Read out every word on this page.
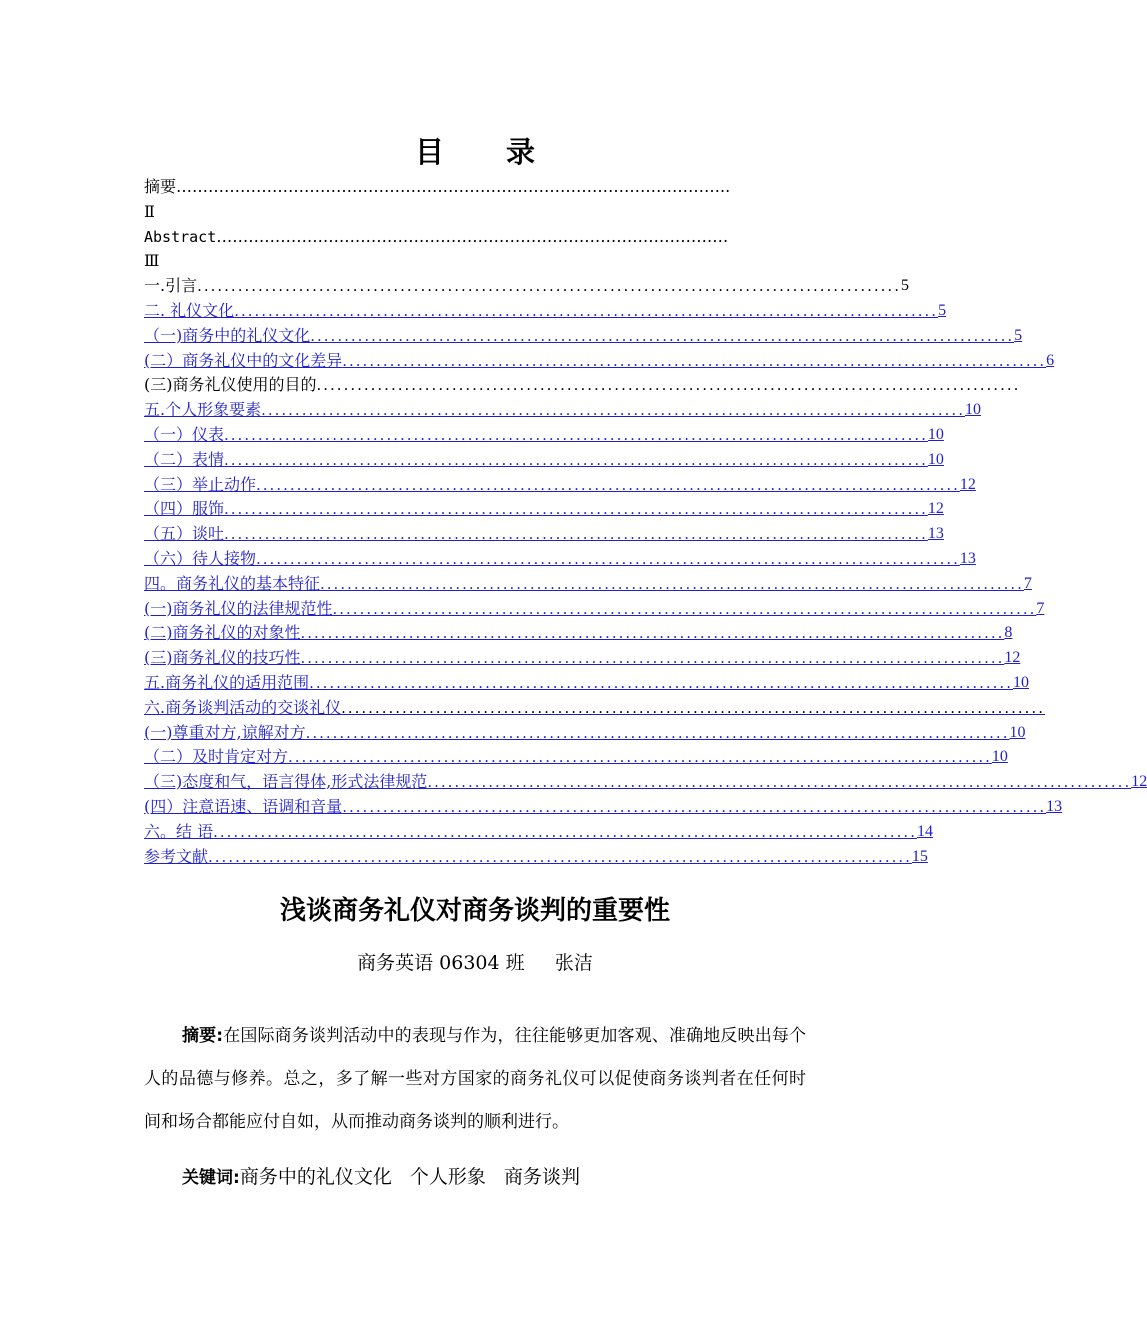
目 录
摘要 …………………………………………………………………………………………..
Ⅱ
Abstract ……………………………………………………………………………………
Ⅲ
一.引言 ........................................................................................................ 5
二. 礼仪文化 ........................................................................................................ 5
（一)商务中的礼仪文化 ........................................................................................................ 5
(二）商务礼仪中的文化差异 ........................................................................................................ 6
(三)商务礼仪使用的目的 ........................................................................................................
五.个人形象要素 ........................................................................................................ 10
（一）仪表 ........................................................................................................ 10
（二）表情 ........................................................................................................ 10
（三）举止动作 ........................................................................................................ 12
（四）服饰 ........................................................................................................ 12
（五）谈吐 ........................................................................................................ 13
（六）待人接物 ........................................................................................................ 13
四。商务礼仪的基本特征 ........................................................................................................ 7
(一)商务礼仪的法律规范性 ........................................................................................................ 7
(二)商务礼仪的对象性 ........................................................................................................ 8
(三)商务礼仪的技巧性 ........................................................................................................ 12
五.商务礼仪的适用范围 ........................................................................................................ 10
六.商务谈判活动的交谈礼仪 ........................................................................................................
(一)尊重对方,谅解对方 ........................................................................................................ 10
（二）及时肯定对方 ........................................................................................................ 10
（三)态度和气，语言得体,形式法律规范 ........................................................................................................ 12
(四）注意语速、语调和音量 ........................................................................................................ 13
六。结 语 ........................................................................................................ 14
参考文献 ........................................................................................................ 15
浅谈商务礼仪对商务谈判的重要性
商务英语 06304 班     张洁
摘要:在国际商务谈判活动中的表现与作为，往往能够更加客观、准确地反映出每个人的品德与修养。总之，多了解一些对方国家的商务礼仪可以促使商务谈判者在任何时间和场合都能应付自如，从而推动商务谈判的顺利进行。
关键词:商务中的礼仪文化   个人形象   商务谈判
